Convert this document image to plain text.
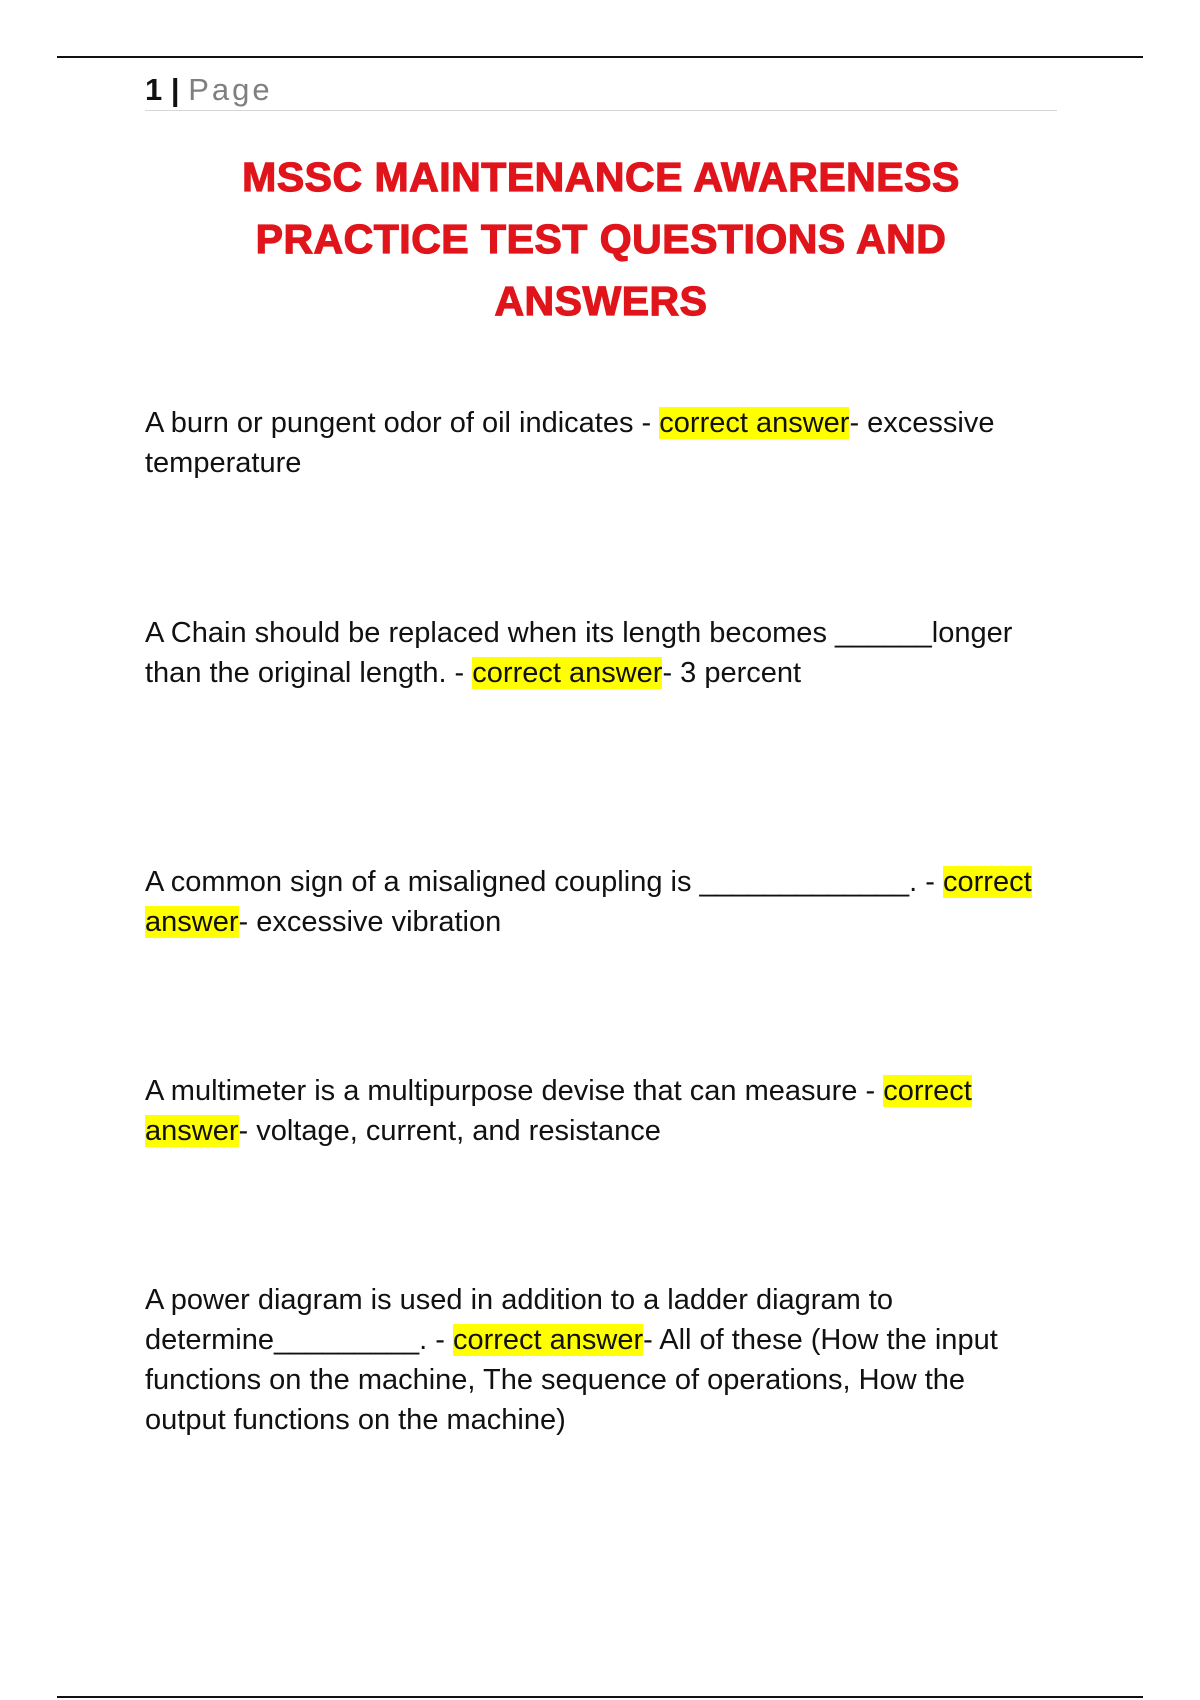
1 | Page
MSSC MAINTENANCE AWARENESS
PRACTICE TEST QUESTIONS AND
ANSWERS

A burn or pungent odor of oil indicates - correct answer- excessive temperature

A Chain should be replaced when its length becomes ______longer than the original length. - correct answer- 3 percent

A common sign of a misaligned coupling is _____________. - correct answer- excessive vibration

A multimeter is a multipurpose devise that can measure - correct answer- voltage, current, and resistance

A power diagram is used in addition to a ladder diagram to determine_________. - correct answer- All of these (How the input functions on the machine, The sequence of operations, How the output functions on the machine)
